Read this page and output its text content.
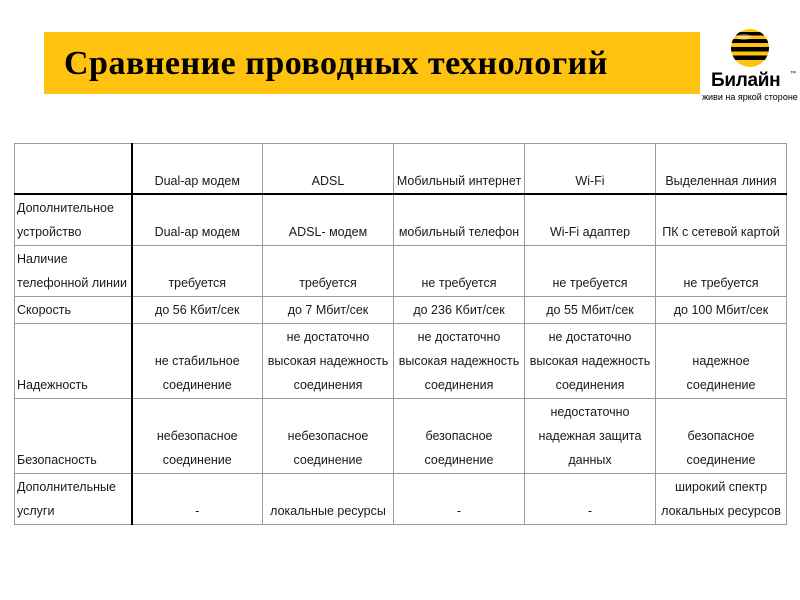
Сравнение проводных технологий	Билайн ™
живи на яркой стороне
	Dual-ap модем	ADSL	Мобильный интернет	Wi-Fi	Выделенная линия

Дополнительное
устройство	Dual-ap модем	ADSL- модем	мобильный телефон	Wi-Fi адаптер	ПК с сетевой картой

Наличие
телефонной линии	требуется	требуется	не требуется	не требуется	не требуется

Скорость	до 56 Кбит/сек	до 7 Мбит/сек	до 236 Кбит/сек	до 55 Мбит/сек	до 100 Мбит/сек

Надежность	не стабильное
соединение	не достаточно
высокая надежность
соединения	не достаточно
высокая надежность
соединения	не достаточно
высокая надежность
соединения	надежное
соединение

Безопасность	небезопасное
соединение	небезопасное
соединение	безопасное
соединение	недостаточно
надежная защита
данных	безопасное
соединение

Дополнительные
услуги	-	локальные ресурсы	-	-	широкий спектр
локальных ресурсов
